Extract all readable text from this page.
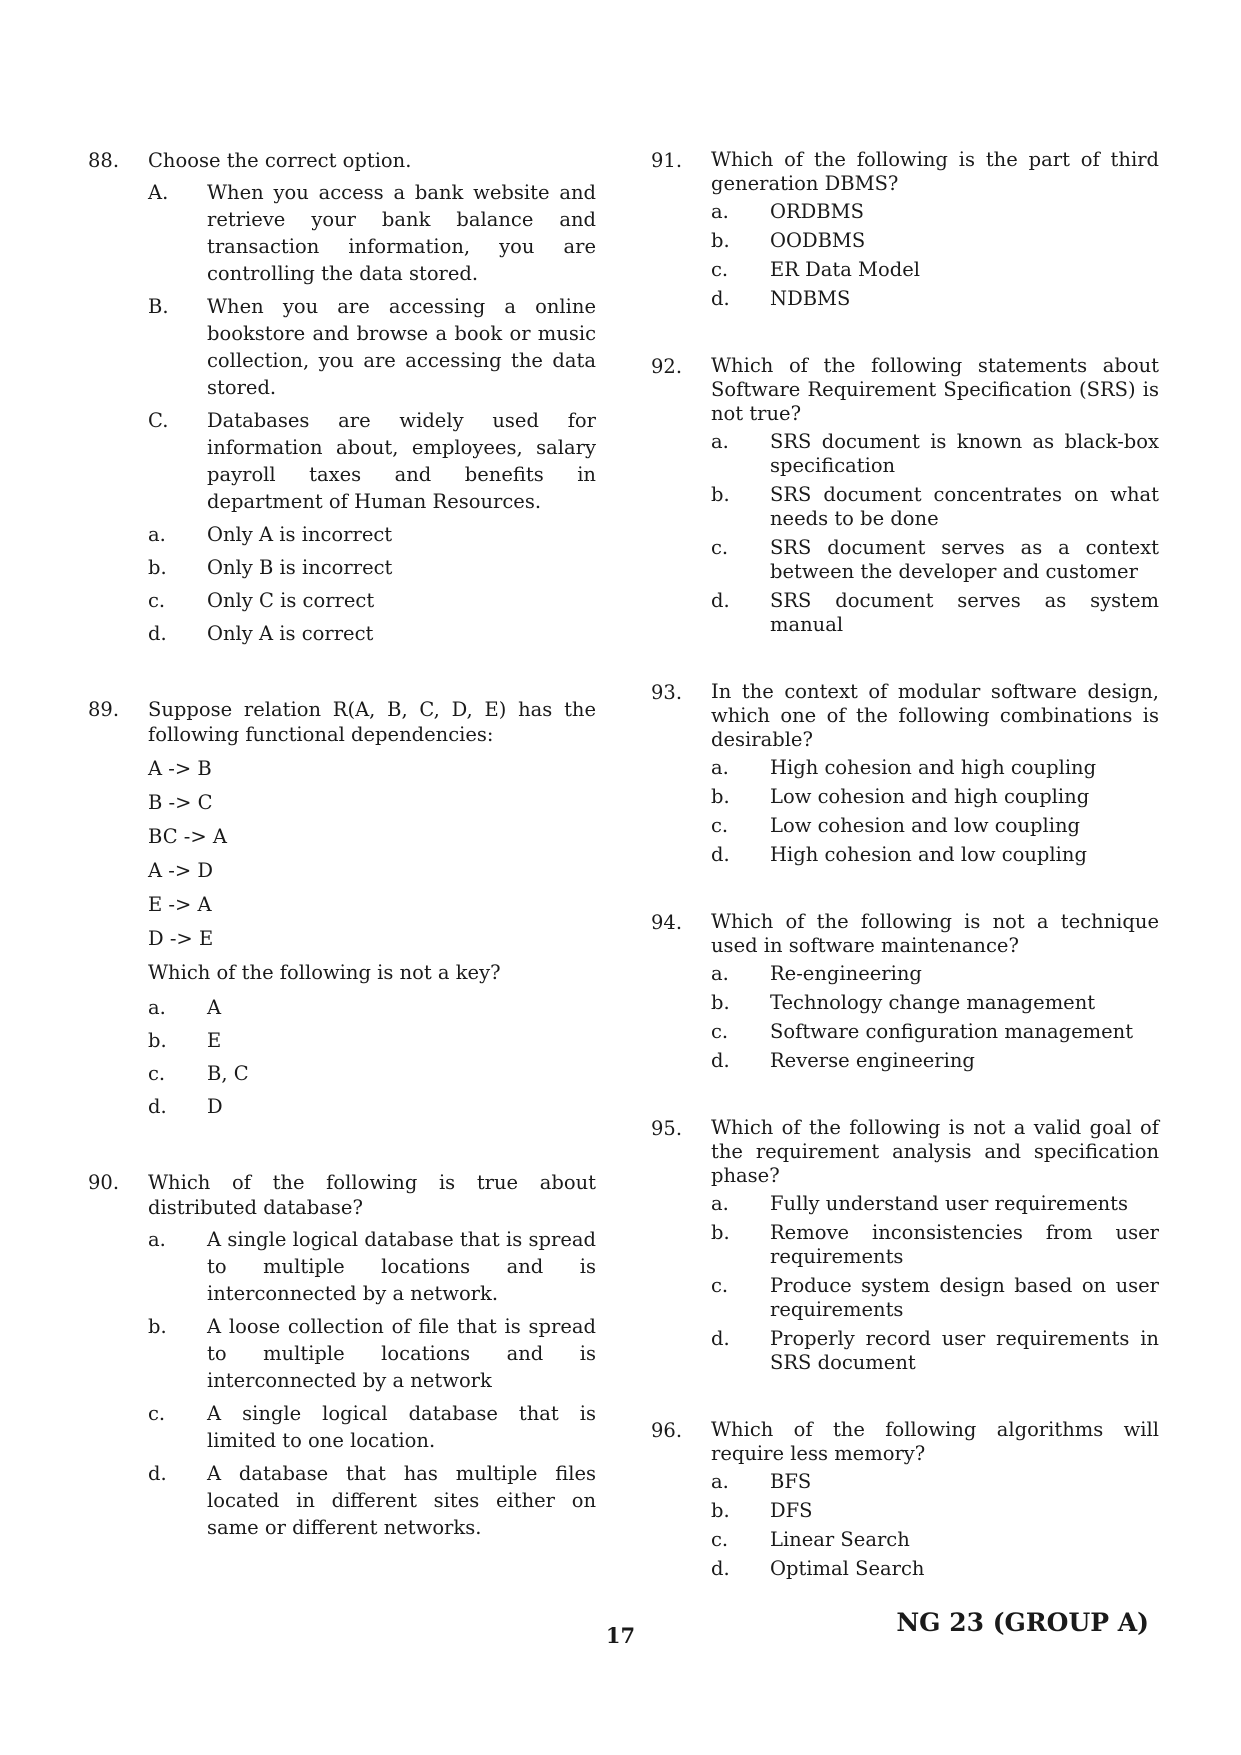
88.	Choose the correct option.
A.	When you access a bank website and retrieve your bank balance and transaction information, you are controlling the data stored.
B.	When you are accessing a online bookstore and browse a book or music collection, you are accessing the data stored.
C.	Databases are widely used for information about, employees, salary payroll taxes and benefits in department of Human Resources.
a.	Only A is incorrect
b.	Only B is incorrect
c.	Only C is correct
d.	Only A is correct
89.	Suppose relation R(A, B, C, D, E) has the following functional dependencies:
A -> B
B -> C
BC -> A
A -> D
E -> A
D -> E
Which of the following is not a key?
a.	A
b.	E
c.	B, C
d.	D
90.	Which of the following is true about distributed database?
a.	A single logical database that is spread to multiple locations and is interconnected by a network.
b.	A loose collection of file that is spread to multiple locations and is interconnected by a network
c.	A single logical database that is limited to one location.
d.	A database that has multiple files located in different sites either on same or different networks.
91.	Which of the following is the part of third generation DBMS?
a.	ORDBMS
b.	OODBMS
c.	ER Data Model
d.	NDBMS
92.	Which of the following statements about Software Requirement Specification (SRS) is not true?
a.	SRS document is known as black-box specification
b.	SRS document concentrates on what needs to be done
c.	SRS document serves as a context between the developer and customer
d.	SRS document serves as system manual
93.	In the context of modular software design, which one of the following combinations is desirable?
a.	High cohesion and high coupling
b.	Low cohesion and high coupling
c.	Low cohesion and low coupling
d.	High cohesion and low coupling
94.	Which of the following is not a technique used in software maintenance?
a.	Re-engineering
b.	Technology change management
c.	Software configuration management
d.	Reverse engineering
95.	Which of the following is not a valid goal of the requirement analysis and specification phase?
a.	Fully understand user requirements
b.	Remove inconsistencies from user requirements
c.	Produce system design based on user requirements
d.	Properly record user requirements in SRS document
96.	Which of the following algorithms will require less memory?
a.	BFS
b.	DFS
c.	Linear Search
d.	Optimal Search
17	NG 23 (GROUP A)
